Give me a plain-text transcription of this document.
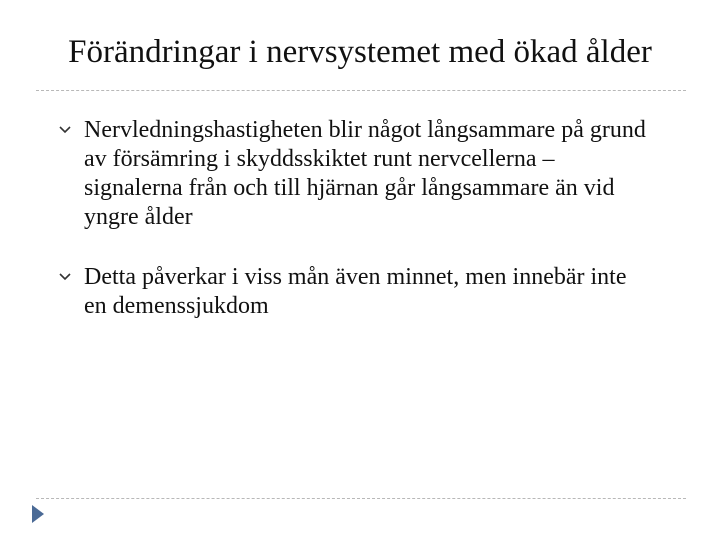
Förändringar i nervsystemet med ökad ålder
Nervledningshastigheten blir något långsammare på grund av försämring i skyddsskiktet runt nervcellerna – signalerna från och till hjärnan går långsammare än vid yngre ålder
Detta påverkar i viss mån även minnet, men innebär inte en demenssjukdom
